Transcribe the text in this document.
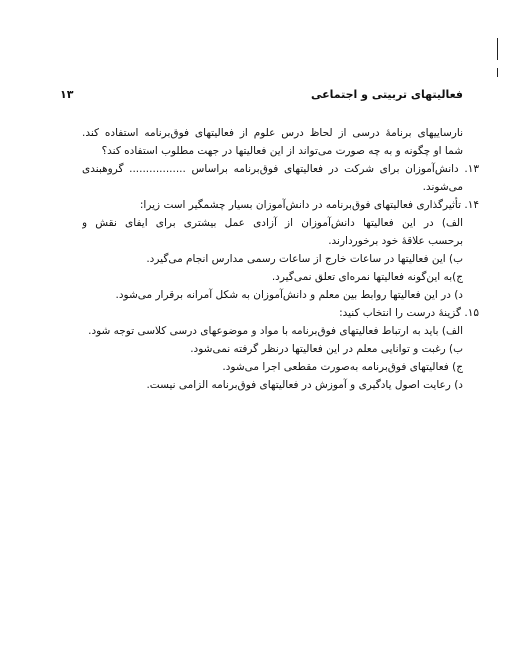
فعالیتهای تربیتی و اجتماعی
۱۳
نارساییهای برنامهٔ درسی از لحاظ درس علوم از فعالیتهای فوق‌برنامه استفاده کند.
شما او چگونه و به چه صورت می‌تواند از این فعالیتها در جهت مطلوب استفاده کند؟
۱۳. دانش‌آموزان برای شرکت در فعالیتهای فوق‌برنامه براساس ................. گروهبندی
می‌شوند.
۱۴. تأثیرگذاری فعالیتهای فوق‌برنامه در دانش‌آموزان بسیار چشمگیر است زیرا:
الف) در این فعالیتها دانش‌آموزان از آزادی عمل بیشتری برای ایفای نقش و
برحسب علاقهٔ خود برخوردارند.
ب) این فعالیتها در ساعات خارج از ساعات رسمی مدارس انجام می‌گیرد.
ج)به این‌گونه فعالیتها نمره‌ای تعلق نمی‌گیرد.
د) در این فعالیتها روابط بین معلم و دانش‌آموزان به شکل آمرانه برقرار می‌شود.
۱۵. گزینهٔ درست را انتخاب کنید:
الف) باید به ارتباط فعالیتهای فوق‌برنامه با مواد و موضوعهای درسی کلاسی توجه شود.
ب) رغبت و توانایی معلم در این فعالیتها درنظر گرفته نمی‌شود.
ج) فعالیتهای فوق‌برنامه به‌صورت مقطعی اجرا می‌شود.
د) رعایت اصول یادگیری و آموزش در فعالیتهای فوق‌برنامه الزامی نیست.
